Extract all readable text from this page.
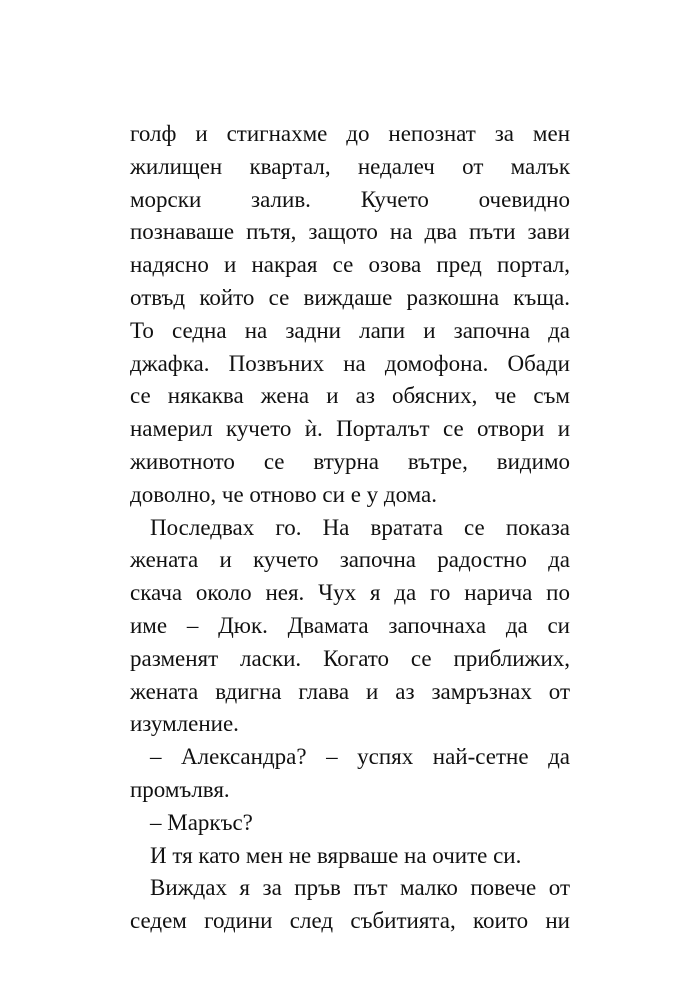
голф и стигнахме до непознат за мен
жилищен квартал, недалеч от малък
морски залив. Кучето очевидно
познаваше пътя, защото на два пъти зави
надясно и накрая се озова пред портал,
отвъд който се виждаше разкошна къща.
То седна на задни лапи и започна да
джафка. Позвъних на домофона. Обади
се някаква жена и аз обясних, че съм
намерил кучето ѝ. Порталът се отвори и
животното се втурна вътре, видимо
доволно, че отново си е у дома.
Последвах го. На вратата се показа
жената и кучето започна радостно да
скача около нея. Чух я да го нарича по
име – Дюк. Двамата започнаха да си
разменят ласки. Когато се приближих,
жената вдигна глава и аз замръзнах от
изумление.
– Александра? – успях най-сетне да
промълвя.
– Маркъс?
И тя като мен не вярваше на очите си.
Виждах я за пръв път малко повече от
седем години след събитията, които ни
